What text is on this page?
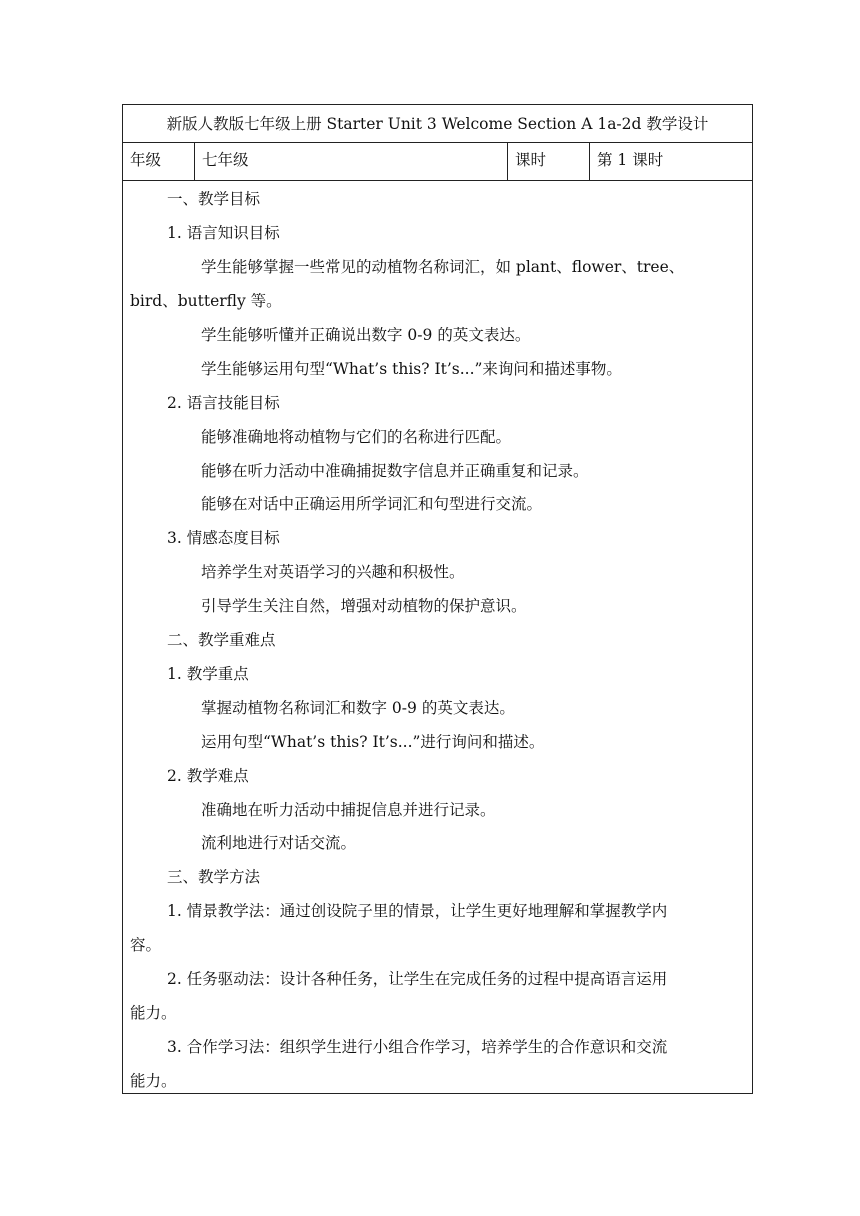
新版人教版七年级上册 Starter Unit 3 Welcome Section A 1a-2d 教学设计
年级	七年级	课时	第 1 课时
一、教学目标
1. 语言知识目标
学生能够掌握一些常见的动植物名称词汇，如 plant、flower、tree、
bird、butterfly 等。
学生能够听懂并正确说出数字 0-9 的英文表达。
学生能够运用句型“What’s this? It’s...”来询问和描述事物。
2. 语言技能目标
能够准确地将动植物与它们的名称进行匹配。
能够在听力活动中准确捕捉数字信息并正确重复和记录。
能够在对话中正确运用所学词汇和句型进行交流。
3. 情感态度目标
培养学生对英语学习的兴趣和积极性。
引导学生关注自然，增强对动植物的保护意识。
二、教学重难点
1. 教学重点
掌握动植物名称词汇和数字 0-9 的英文表达。
运用句型“What’s this? It’s...”进行询问和描述。
2. 教学难点
准确地在听力活动中捕捉信息并进行记录。
流利地进行对话交流。
三、教学方法
1. 情景教学法：通过创设院子里的情景，让学生更好地理解和掌握教学内
容。
2. 任务驱动法：设计各种任务，让学生在完成任务的过程中提高语言运用
能力。
3. 合作学习法：组织学生进行小组合作学习，培养学生的合作意识和交流
能力。
